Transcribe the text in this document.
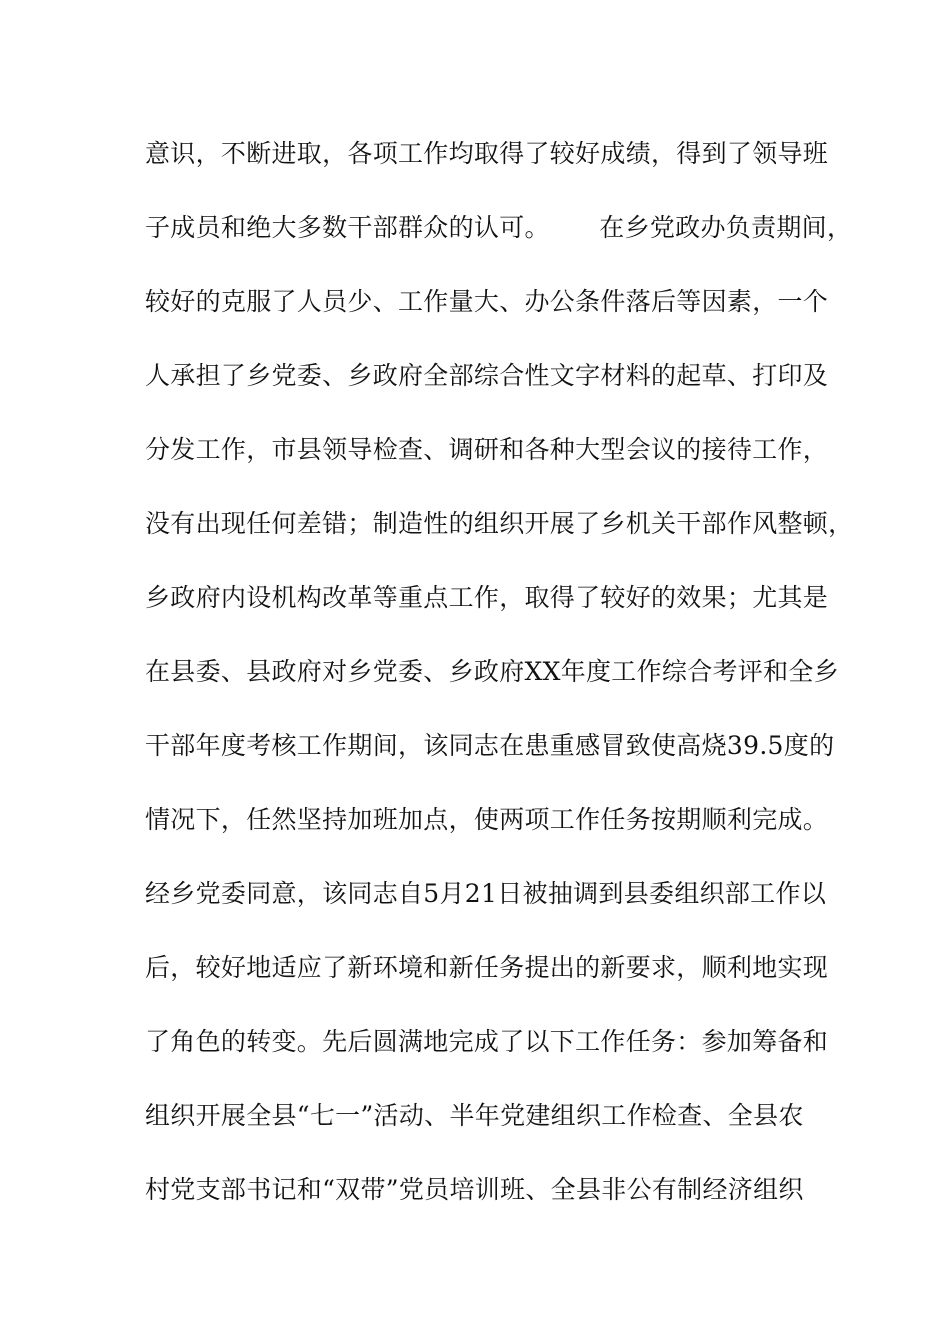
意识，不断进取，各项工作均取得了较好成绩，得到了领导班
子成员和绝大多数干部群众的认可。      在乡党政办负责期间，
较好的克服了人员少、工作量大、办公条件落后等因素，一个
人承担了乡党委、乡政府全部综合性文字材料的起草、打印及
分发工作，市县领导检查、调研和各种大型会议的接待工作，
没有出现任何差错；制造性的组织开展了乡机关干部作风整顿，
乡政府内设机构改革等重点工作，取得了较好的效果；尤其是
在县委、县政府对乡党委、乡政府XX年度工作综合考评和全乡
干部年度考核工作期间，该同志在患重感冒致使高烧39.5度的
情况下，任然坚持加班加点，使两项工作任务按期顺利完成。
经乡党委同意，该同志自5月21日被抽调到县委组织部工作以
后，较好地适应了新环境和新任务提出的新要求，顺利地实现
了角色的转变。先后圆满地完成了以下工作任务：参加筹备和
组织开展全县“七一”活动、半年党建组织工作检查、全县农
村党支部书记和“双带”党员培训班、全县非公有制经济组织
